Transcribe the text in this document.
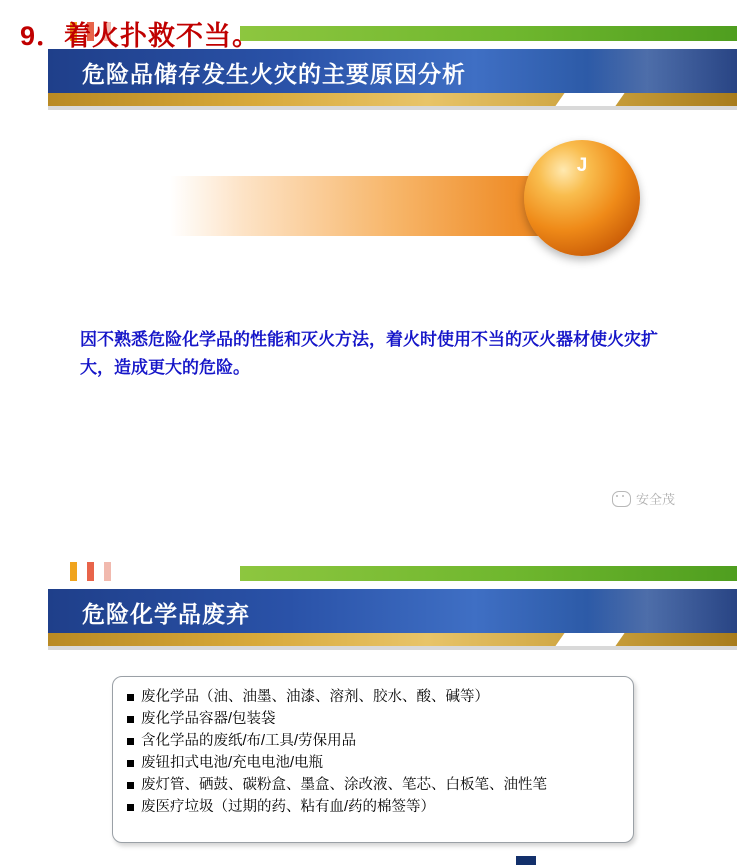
危险品储存发生火灾的主要原因分析
9．着火扑救不当。
J
因不熟悉危险化学品的性能和灭火方法，着火时使用不当的灭火器材使火灾扩大，造成更大的危险。
安全茂
危险化学品废弃
废化学品（油、油墨、油漆、溶剂、胶水、酸、碱等）
废化学品容器/包装袋
含化学品的废纸/布/工具/劳保用品
废钮扣式电池/充电电池/电瓶
废灯管、硒鼓、碳粉盒、墨盒、涂改液、笔芯、白板笔、油性笔
废医疗垃圾（过期的药、粘有血/药的棉签等）
